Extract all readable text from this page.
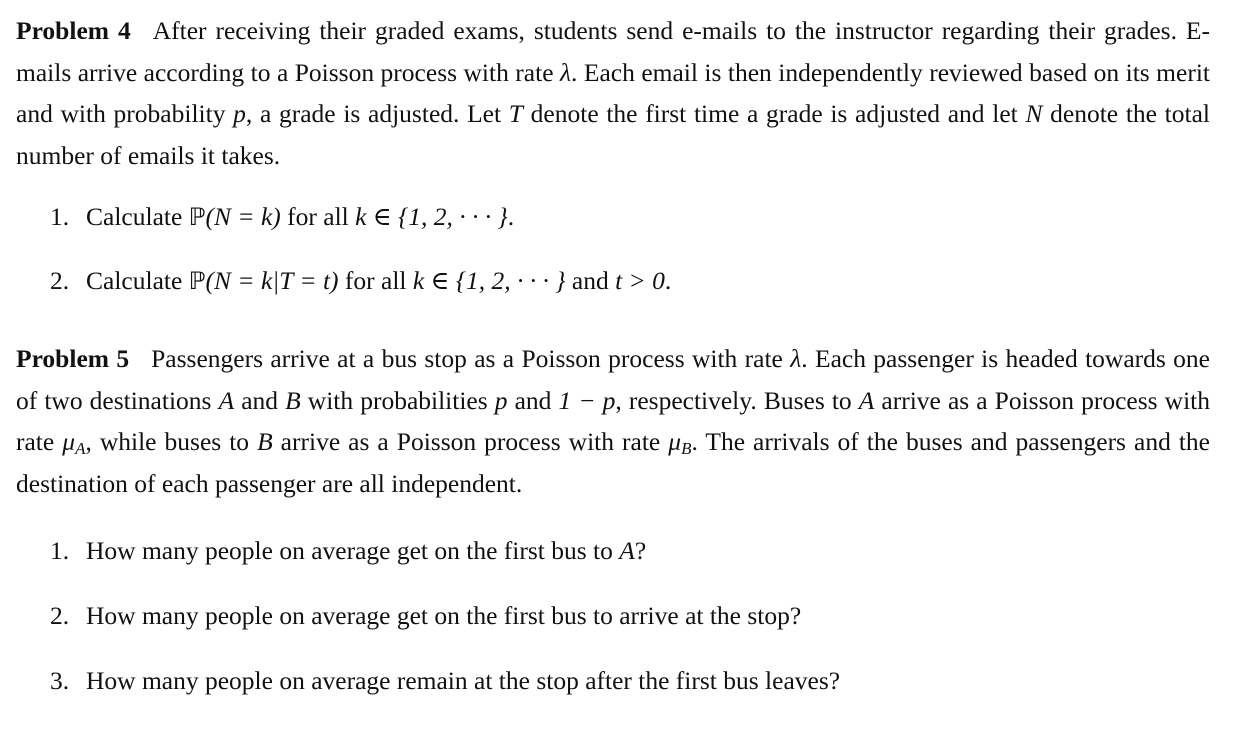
Problem 4 After receiving their graded exams, students send e-mails to the instructor regarding their grades. E-mails arrive according to a Poisson process with rate λ. Each email is then independently reviewed based on its merit and with probability p, a grade is adjusted. Let T denote the first time a grade is adjusted and let N denote the total number of emails it takes.

1. Calculate ℙ(N = k) for all k ∈ {1, 2, · · · }.
2. Calculate ℙ(N = k|T = t) for all k ∈ {1, 2, · · · } and t > 0.

Problem 5 Passengers arrive at a bus stop as a Poisson process with rate λ. Each passenger is headed towards one of two destinations A and B with probabilities p and 1 − p, respectively. Buses to A arrive as a Poisson process with rate $\mu_A$, while buses to B arrive as a Poisson process with rate $\mu_B$. The arrivals of the buses and passengers and the destination of each passenger are all independent.

1. How many people on average get on the first bus to A?
2. How many people on average get on the first bus to arrive at the stop?
3. How many people on average remain at the stop after the first bus leaves?
